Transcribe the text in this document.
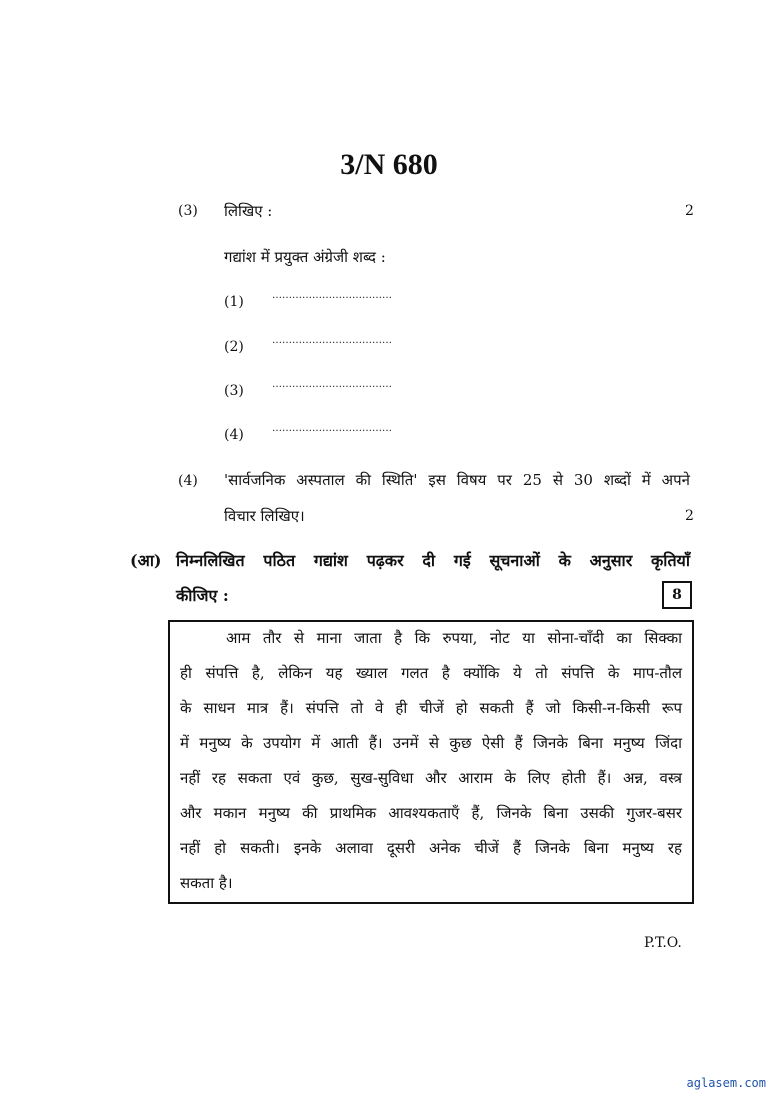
3/N 680
(3) लिखिए :	2
गद्यांश में प्रयुक्त अंग्रेजी शब्द :
(1)	………………………………
(2)	………………………………
(3)	………………………………
(4)	………………………………
(4) 'सार्वजनिक अस्पताल की स्थिति' इस विषय पर 25 से 30 शब्दों में अपने
विचार लिखिए।	2
(आ) निम्नलिखित पठित गद्यांश पढ़कर दी गई सूचनाओं के अनुसार कृतियाँ
कीजिए :	8
आम तौर से माना जाता है कि रुपया, नोट या सोना-चाँदी का सिक्का
ही संपत्ति है, लेकिन यह ख्याल गलत है क्योंकि ये तो संपत्ति के माप-तौल
के साधन मात्र हैं। संपत्ति तो वे ही चीजें हो सकती हैं जो किसी-न-किसी रूप
में मनुष्य के उपयोग में आती हैं। उनमें से कुछ ऐसी हैं जिनके बिना मनुष्य जिंदा
नहीं रह सकता एवं कुछ, सुख-सुविधा और आराम के लिए होती हैं। अन्न, वस्त्र
और मकान मनुष्य की प्राथमिक आवश्यकताएँ हैं, जिनके बिना उसकी गुजर-बसर
नहीं हो सकती। इनके अलावा दूसरी अनेक चीजें हैं जिनके बिना मनुष्य रह
सकता है।
P.T.O.
aglasem.com
